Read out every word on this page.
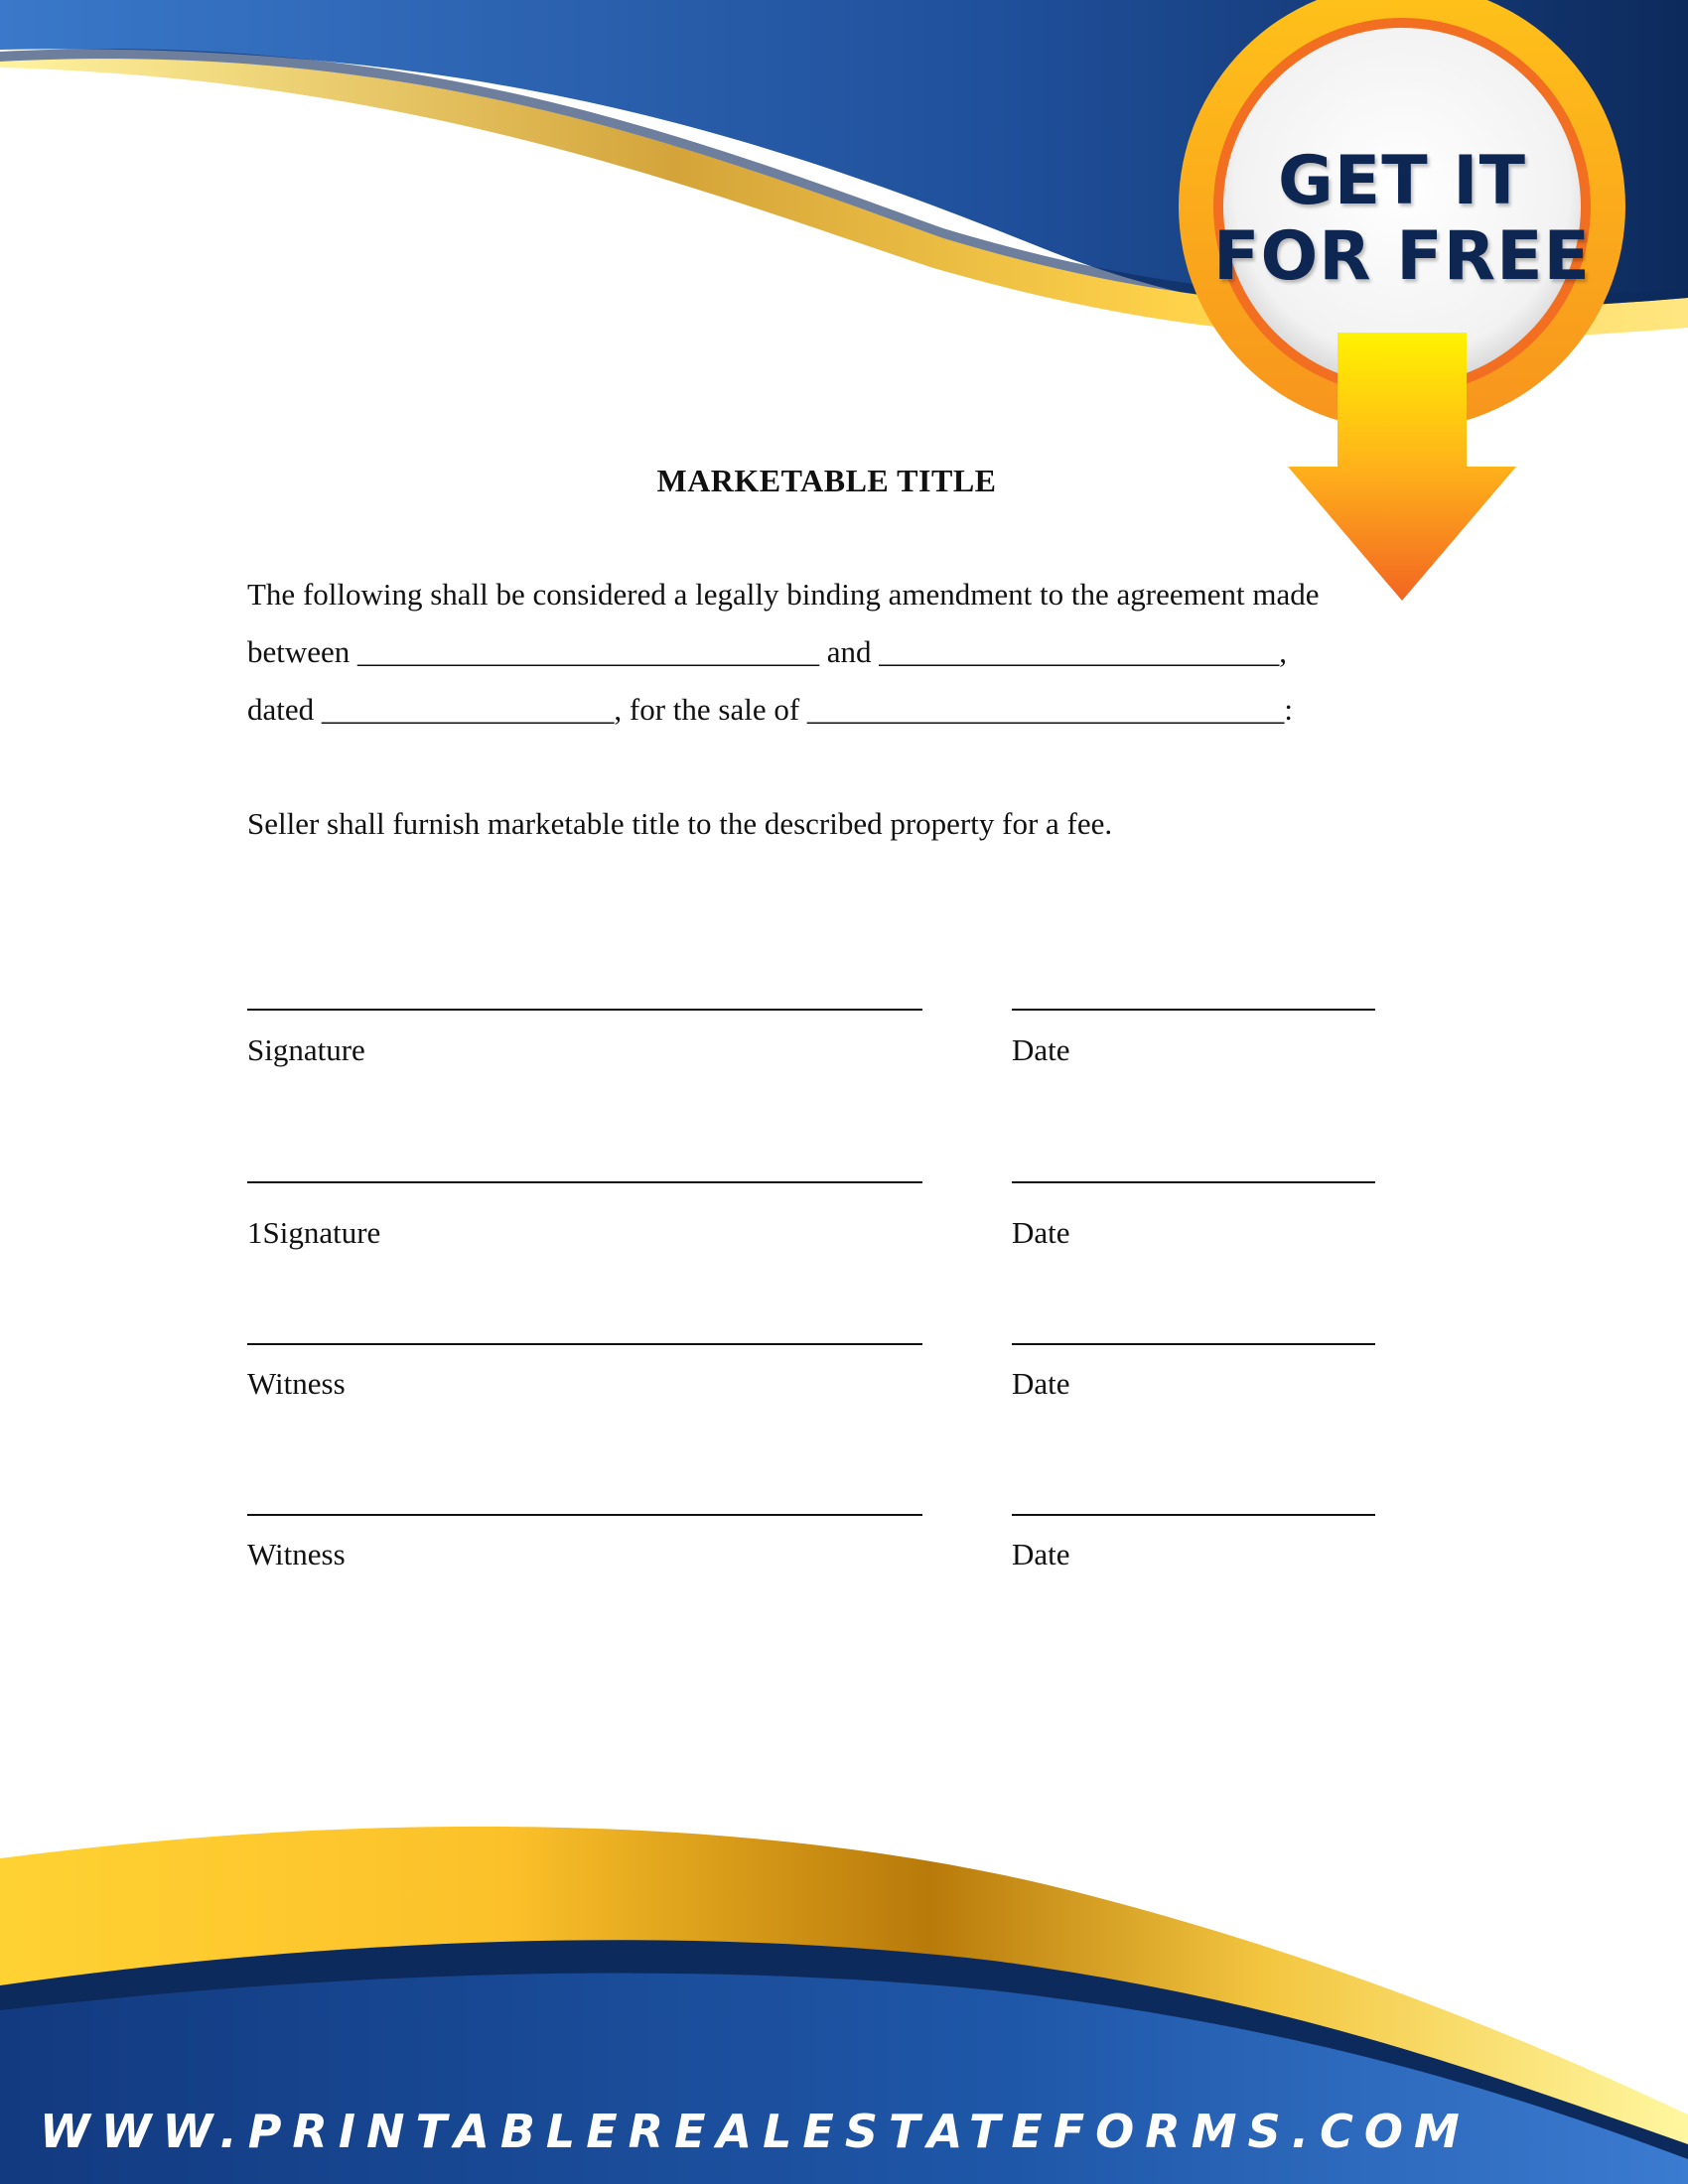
GET IT
FOR FREE
MARKETABLE TITLE
The following shall be considered a legally binding amendment to the agreement made
between ______________________________ and __________________________,
dated ___________________, for the sale of _______________________________:
Seller shall furnish marketable title to the described property for a fee.
Signature	Date
1Signature	Date
Witness	Date
Witness	Date
WWW.PRINTABLEREALESTATEFORMS.COM
